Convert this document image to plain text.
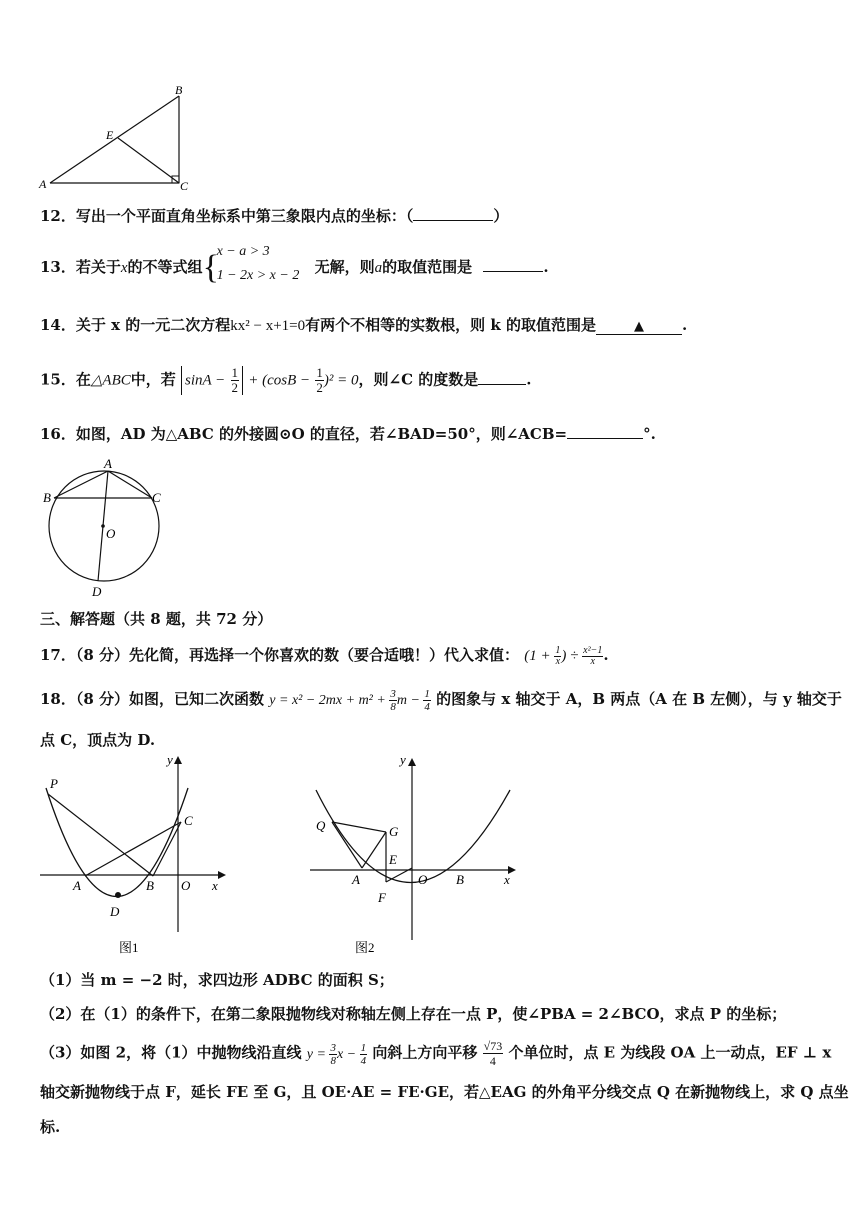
A
B
C
E
12．写出一个平面直角坐标系中第三象限内点的坐标：（	）
13．若关于x的不等式组 {
x − a > 3
1 − 2x > x − 2 无解，则a的取值范围是	.
14．关于 x 的一元二次方程kx² − x+1=0有两个不相等的实数根，则 k 的取值范围是	▲	.
15．在△ABC中，若 $\sin A - \frac{1}{2} + (\cos B - \frac{1}{2} )^2 = 0$，则∠C 的度数是	.
16．如图，AD 为△ABC 的外接圆⊙O 的直径，若∠BAD=50°，则∠ACB=	°.
A
B	C
O
D
三、解答题（共 8 题，共 72 分）
17．（8 分）先化简，再选择一个你喜欢的数（要合适哦！）代入求值： ($1 + \frac{1}{x}$ ) ÷ $\frac{\text{x²−1}}{x}$ .
18．（8 分）如图，已知二次函数 $y = x^2 - 2mx + m^2 + \frac{3}{8}$ $m - \frac{1}{4}$ 的图象与 x 轴交于 A，B 两点（A 在 B 左侧），与 y 轴交于
点 C，顶点为 D.
P
C
A	B O x
y
D
图1
Q	G
E
A	O B
F
x
y
图2
（1）当 m = −2 时，求四边形 ADBC 的面积 S；
（2）在（1）的条件下，在第二象限抛物线对称轴左侧上存在一点 P，使∠PBA = 2∠BCO，求点 P 的坐标；
（3）如图 2，将（1）中抛物线沿直线 $y = \frac{3}{8}$ $x - \frac{1}{4}$ 向斜上方向平移 $\frac{√73}{4}$ 个单位时，点 E 为线段 OA 上一动点，EF ⊥ x
轴交新抛物线于点 F，延长 FE 至 G，且 OE·AE = FE·GE，若△EAG 的外角平分线交点 Q 在新抛物线上，求 Q 点坐
标.
